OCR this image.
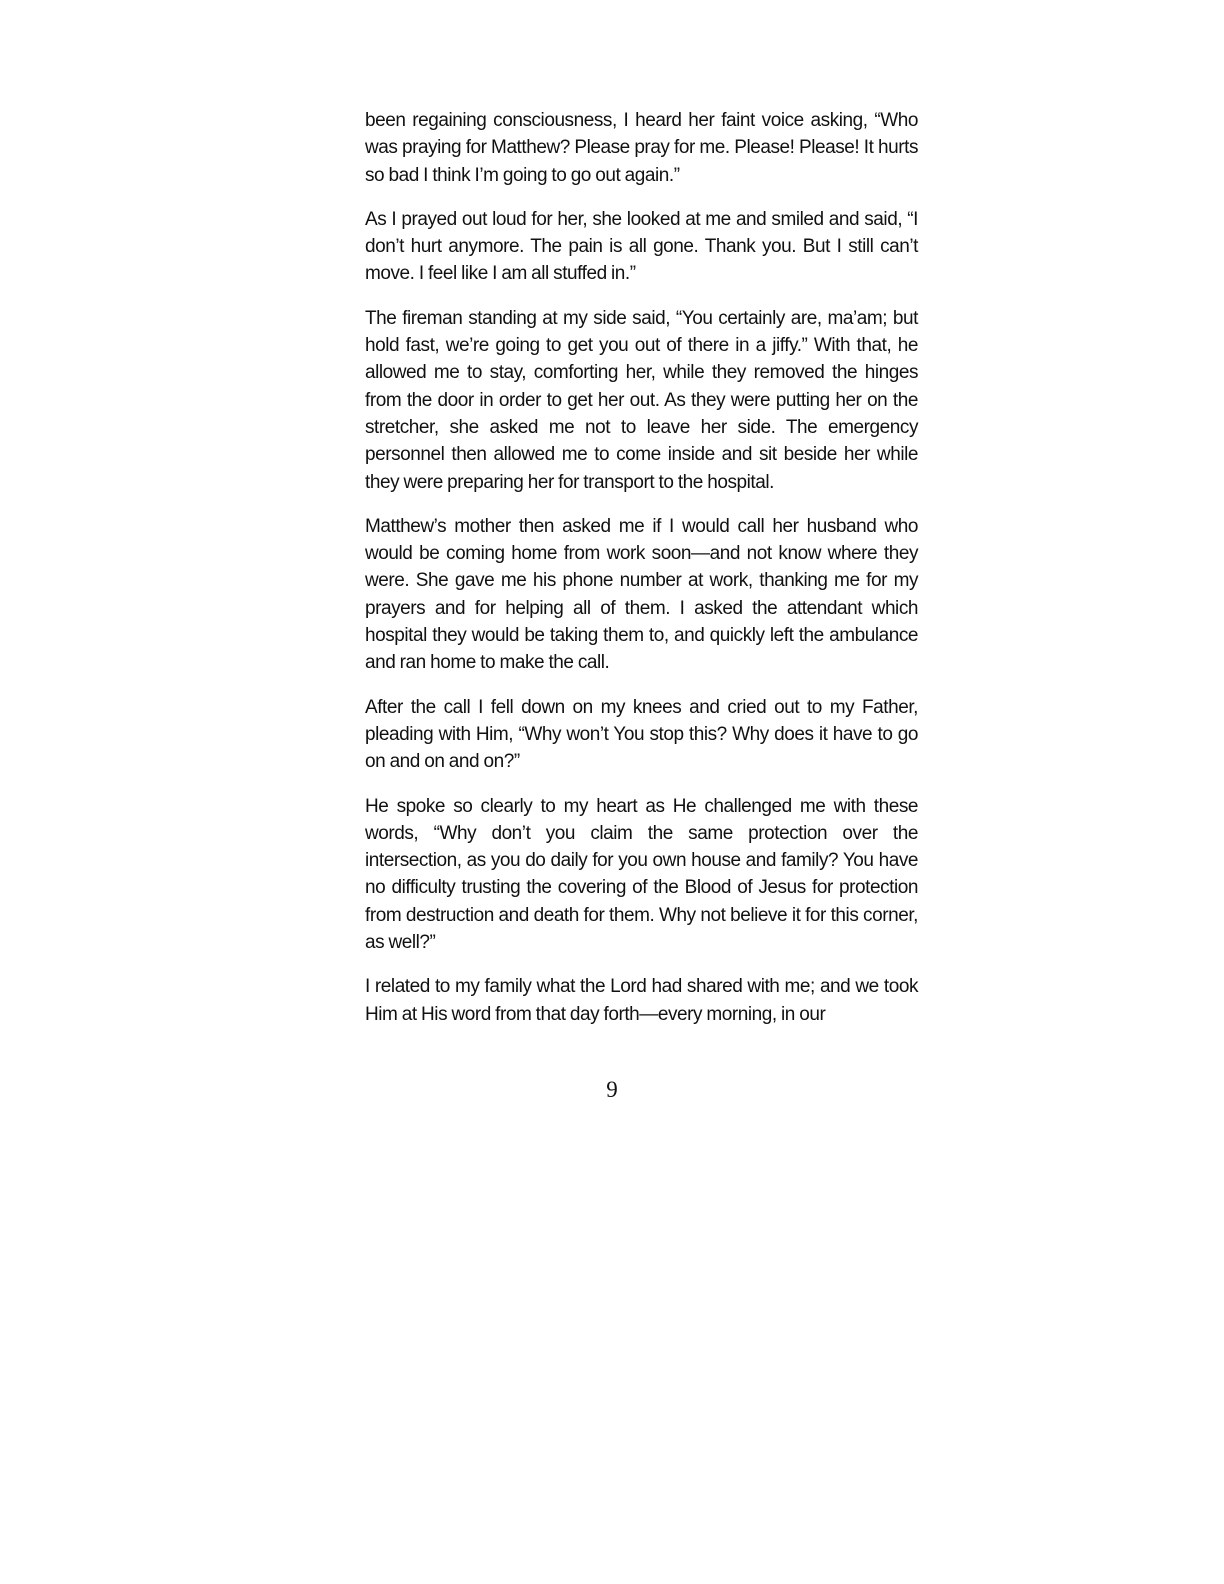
been regaining consciousness, I heard her faint voice asking, “Who was praying for Matthew? Please pray for me. Please! Please! It hurts so bad I think I’m going to go out again.”

As I prayed out loud for her, she looked at me and smiled and said, “I don’t hurt anymore. The pain is all gone. Thank you. But I still can’t move. I feel like I am all stuffed in.”

The fireman standing at my side said, “You certainly are, ma’am; but hold fast, we’re going to get you out of there in a jiffy.” With that, he allowed me to stay, comforting her, while they removed the hinges from the door in order to get her out. As they were putting her on the stretcher, she asked me not to leave her side. The emergency personnel then allowed me to come inside and sit beside her while they were preparing her for transport to the hospital.

Matthew’s mother then asked me if I would call her husband who would be coming home from work soon—and not know where they were. She gave me his phone number at work, thanking me for my prayers and for helping all of them. I asked the attendant which hospital they would be taking them to, and quickly left the ambulance and ran home to make the call.

After the call I fell down on my knees and cried out to my Father, pleading with Him, “Why won’t You stop this? Why does it have to go on and on and on?”

He spoke so clearly to my heart as He challenged me with these words, “Why don’t you claim the same protection over the intersection, as you do daily for you own house and family? You have no difficulty trusting the covering of the Blood of Jesus for protection from destruction and death for them. Why not believe it for this corner, as well?”

I related to my family what the Lord had shared with me; and we took Him at His word from that day forth—every morning, in our

9
